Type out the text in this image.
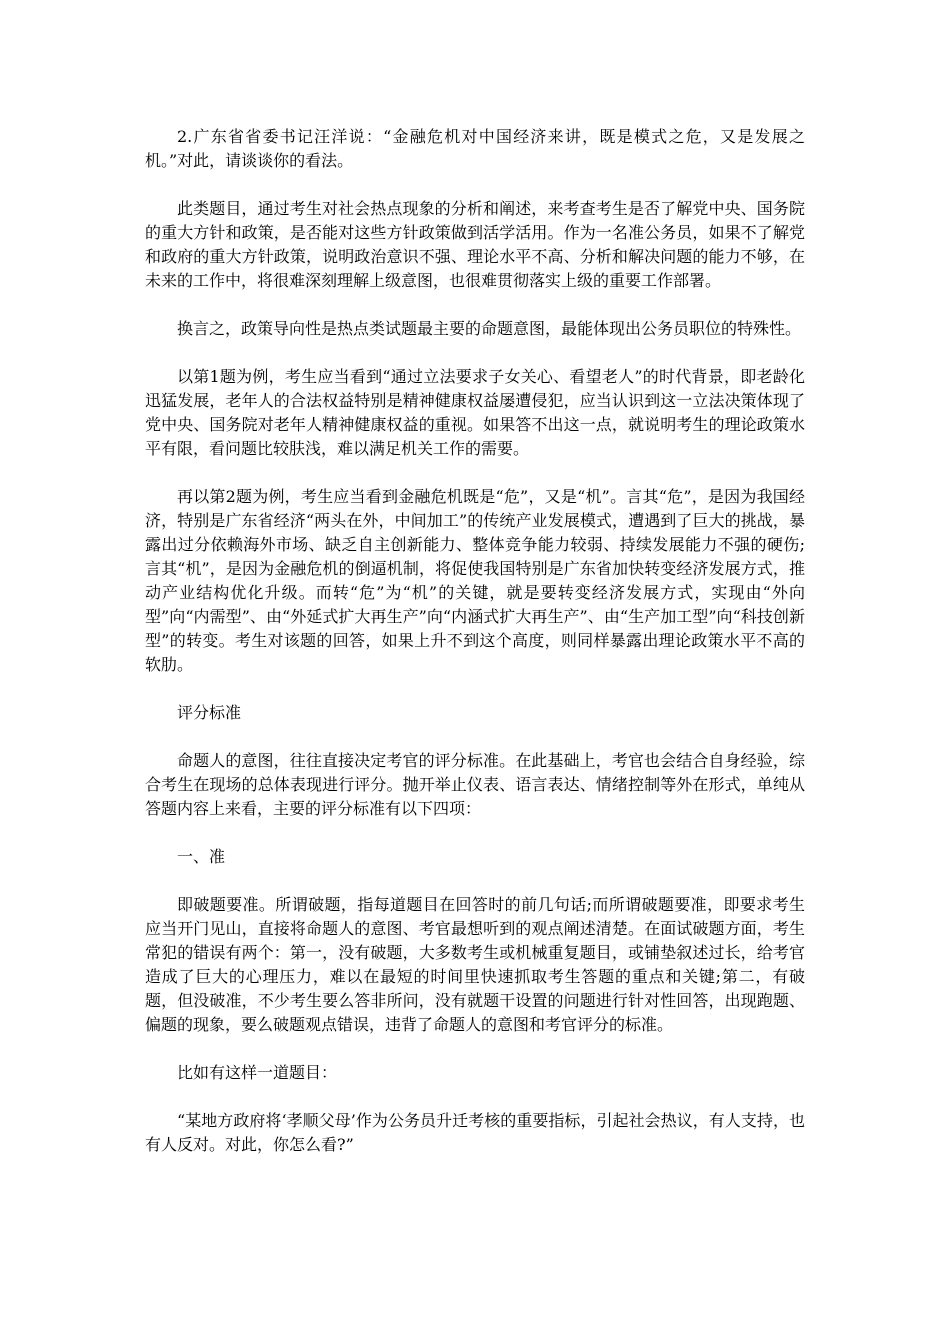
2.广东省省委书记汪洋说：“金融危机对中国经济来讲，既是模式之危，又是发展之机。”对此，请谈谈你的看法。

此类题目，通过考生对社会热点现象的分析和阐述，来考查考生是否了解党中央、国务院的重大方针和政策，是否能对这些方针政策做到活学活用。作为一名准公务员，如果不了解党和政府的重大方针政策，说明政治意识不强、理论水平不高、分析和解决问题的能力不够，在未来的工作中，将很难深刻理解上级意图，也很难贯彻落实上级的重要工作部署。

换言之，政策导向性是热点类试题最主要的命题意图，最能体现出公务员职位的特殊性。

以第1题为例，考生应当看到“通过立法要求子女关心、看望老人”的时代背景，即老龄化迅猛发展，老年人的合法权益特别是精神健康权益屡遭侵犯，应当认识到这一立法决策体现了党中央、国务院对老年人精神健康权益的重视。如果答不出这一点，就说明考生的理论政策水平有限，看问题比较肤浅，难以满足机关工作的需要。

再以第2题为例，考生应当看到金融危机既是“危”，又是“机”。言其“危”，是因为我国经济，特别是广东省经济“两头在外，中间加工”的传统产业发展模式，遭遇到了巨大的挑战，暴露出过分依赖海外市场、缺乏自主创新能力、整体竞争能力较弱、持续发展能力不强的硬伤;言其“机”，是因为金融危机的倒逼机制，将促使我国特别是广东省加快转变经济发展方式，推动产业结构优化升级。而转“危”为“机”的关键，就是要转变经济发展方式，实现由“外向型”向“内需型”、由“外延式扩大再生产”向“内涵式扩大再生产”、由“生产加工型”向“科技创新型”的转变。考生对该题的回答，如果上升不到这个高度，则同样暴露出理论政策水平不高的软肋。

评分标准

命题人的意图，往往直接决定考官的评分标准。在此基础上，考官也会结合自身经验，综合考生在现场的总体表现进行评分。抛开举止仪表、语言表达、情绪控制等外在形式，单纯从答题内容上来看，主要的评分标准有以下四项：

一、准

即破题要准。所谓破题，指每道题目在回答时的前几句话;而所谓破题要准，即要求考生应当开门见山，直接将命题人的意图、考官最想听到的观点阐述清楚。在面试破题方面，考生常犯的错误有两个：第一，没有破题，大多数考生或机械重复题目，或铺垫叙述过长，给考官造成了巨大的心理压力，难以在最短的时间里快速抓取考生答题的重点和关键;第二，有破题，但没破准，不少考生要么答非所问，没有就题干设置的问题进行针对性回答，出现跑题、偏题的现象，要么破题观点错误，违背了命题人的意图和考官评分的标准。

比如有这样一道题目：

“某地方政府将‘孝顺父母’作为公务员升迁考核的重要指标，引起社会热议，有人支持，也有人反对。对此，你怎么看?”
